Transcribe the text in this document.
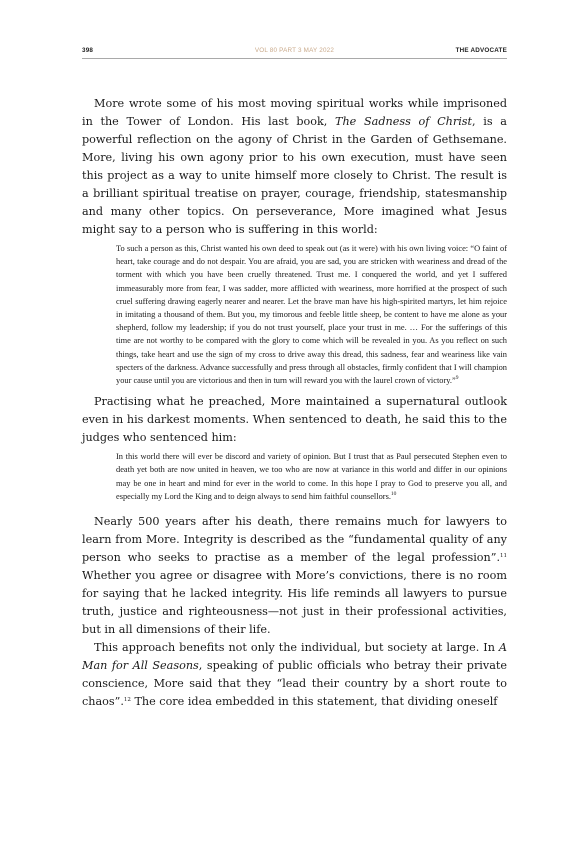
398	VOL 80 PART 3 MAY 2022	THE ADVOCATE

More wrote some of his most moving spiritual works while imprisoned in the Tower of London. His last book, The Sadness of Christ, is a powerful reflection on the agony of Christ in the Garden of Gethsemane. More, living his own agony prior to his own execution, must have seen this project as a way to unite himself more closely to Christ. The result is a brilliant spiritual treatise on prayer, courage, friendship, statesmanship and many other topics. On perseverance, More imagined what Jesus might say to a person who is suffering in this world:

To such a person as this, Christ wanted his own deed to speak out (as it were) with his own living voice: “O faint of heart, take courage and do not despair. You are afraid, you are sad, you are stricken with weariness and dread of the torment with which you have been cruelly threatened. Trust me. I conquered the world, and yet I suffered immeasurably more from fear, I was sadder, more afflicted with weariness, more horrified at the prospect of such cruel suffering drawing eagerly nearer and nearer. Let the brave man have his high-spirited martyrs, let him rejoice in imitating a thousand of them. But you, my timorous and feeble little sheep, be content to have me alone as your shepherd, follow my leadership; if you do not trust yourself, place your trust in me. … For the sufferings of this time are not worthy to be compared with the glory to come which will be revealed in you. As you reflect on such things, take heart and use the sign of my cross to drive away this dread, this sadness, fear and weariness like vain specters of the darkness. Advance successfully and press through all obstacles, firmly confident that I will champion your cause until you are victorious and then in turn will reward you with the laurel crown of victory.”$^9$

Practising what he preached, More maintained a supernatural outlook even in his darkest moments. When sentenced to death, he said this to the judges who sentenced him:

In this world there will ever be discord and variety of opinion. But I trust that as Paul persecuted Stephen even to death yet both are now united in heaven, we too who are now at variance in this world and differ in our opinions may be one in heart and mind for ever in the world to come. In this hope I pray to God to preserve you all, and especially my Lord the King and to deign always to send him faithful counsellors.$^{10}$

Nearly 500 years after his death, there remains much for lawyers to learn from More. Integrity is described as the “fundamental quality of any person who seeks to practise as a member of the legal profession”.$^{11}$ Whether you agree or disagree with More’s convictions, there is no room for saying that he lacked integrity. His life reminds all lawyers to pursue truth, justice and righteousness—not just in their professional activities, but in all dimensions of their life.

This approach benefits not only the individual, but society at large. In A Man for All Seasons, speaking of public officials who betray their private conscience, More said that they “lead their country by a short route to chaos”.$^{12}$ The core idea embedded in this statement, that dividing oneself
